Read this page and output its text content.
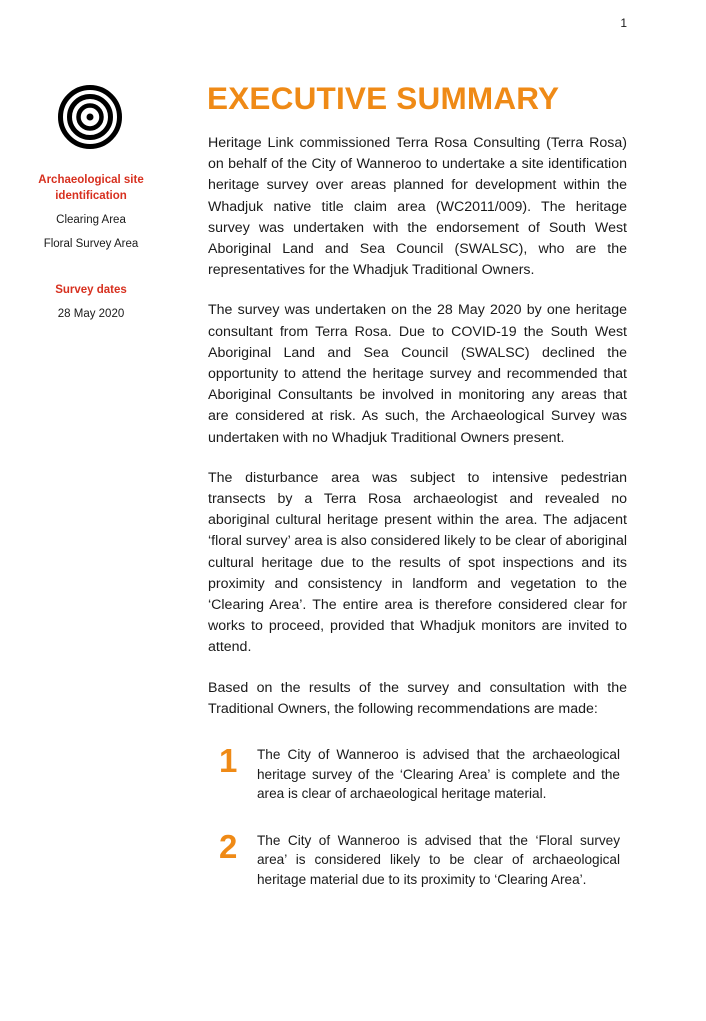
1

Archaeological site identification

Clearing Area

Floral Survey Area

Survey dates

28 May 2020

EXECUTIVE SUMMARY

Heritage Link commissioned Terra Rosa Consulting (Terra Rosa) on behalf of the City of Wanneroo to undertake a site identification heritage survey over areas planned for development within the Whadjuk native title claim area (WC2011/009). The heritage survey was undertaken with the endorsement of South West Aboriginal Land and Sea Council (SWALSC), who are the representatives for the Whadjuk Traditional Owners.

The survey was undertaken on the 28 May 2020 by one heritage consultant from Terra Rosa. Due to COVID-19 the South West Aboriginal Land and Sea Council (SWALSC) declined the opportunity to attend the heritage survey and recommended that Aboriginal Consultants be involved in monitoring any areas that are considered at risk. As such, the Archaeological Survey was undertaken with no Whadjuk Traditional Owners present.

The disturbance area was subject to intensive pedestrian transects by a Terra Rosa archaeologist and revealed no aboriginal cultural heritage present within the area. The adjacent ‘floral survey’ area is also considered likely to be clear of aboriginal cultural heritage due to the results of spot inspections and its proximity and consistency in landform and vegetation to the ‘Clearing Area’. The entire area is therefore considered clear for works to proceed, provided that Whadjuk monitors are invited to attend.

Based on the results of the survey and consultation with the Traditional Owners, the following recommendations are made:

1 The City of Wanneroo is advised that the archaeological heritage survey of the ‘Clearing Area’ is complete and the area is clear of archaeological heritage material.

2 The City of Wanneroo is advised that the ‘Floral survey area’ is considered likely to be clear of archaeological heritage material due to its proximity to ‘Clearing Area’.
